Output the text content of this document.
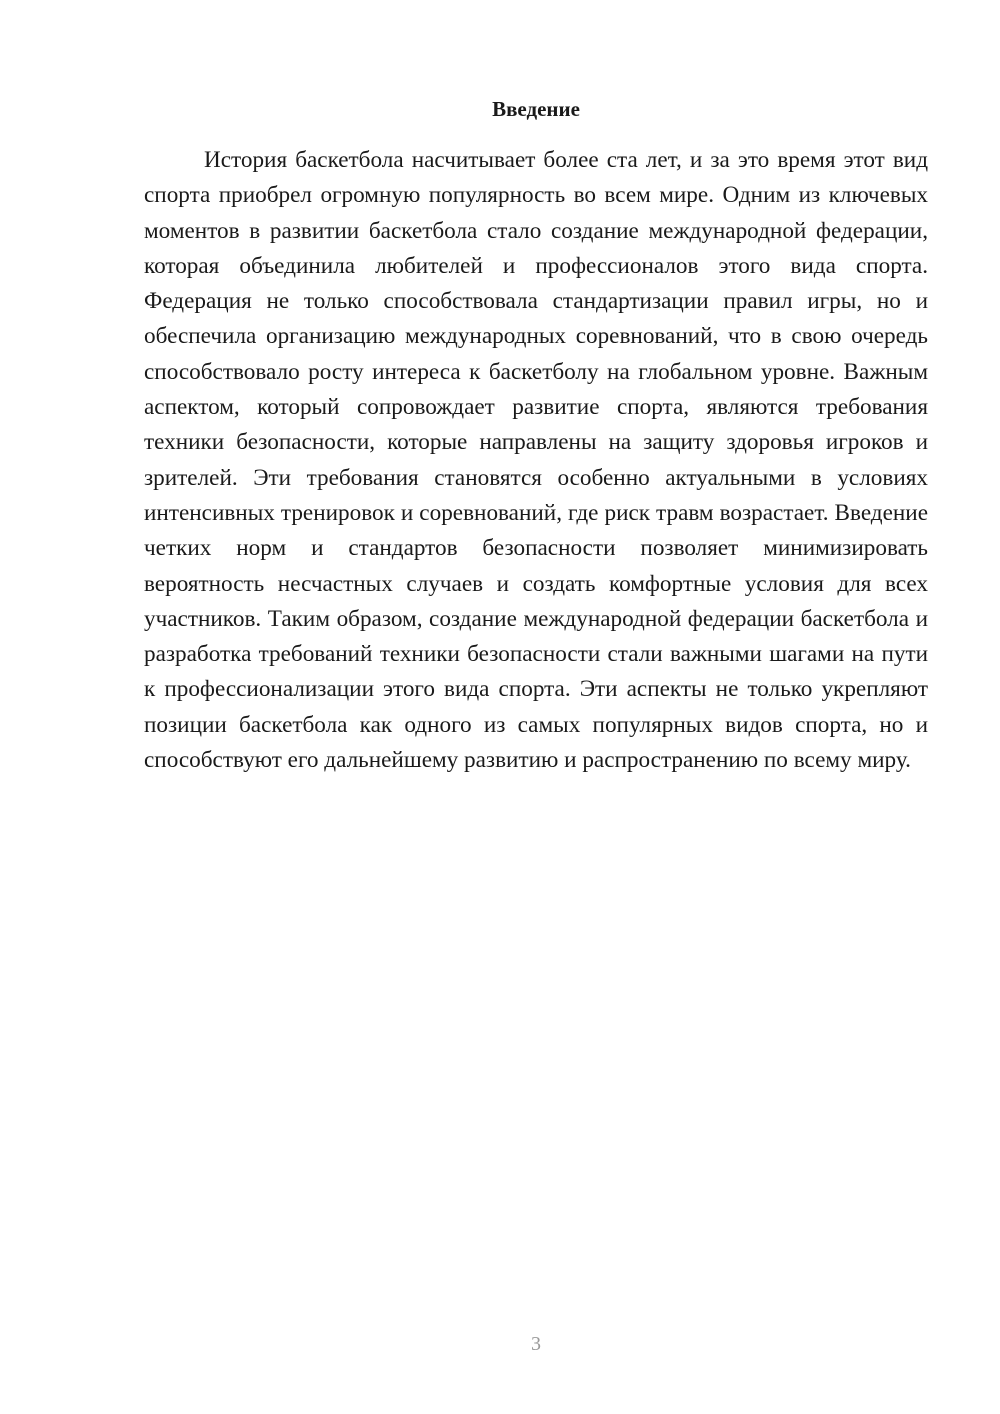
Введение

История баскетбола насчитывает более ста лет, и за это время этот вид спорта приобрел огромную популярность во всем мире. Одним из ключевых моментов в развитии баскетбола стало создание международной федерации, которая объединила любителей и профессионалов этого вида спорта. Федерация не только способствовала стандартизации правил игры, но и обеспечила организацию международных соревнований, что в свою очередь способствовало росту интереса к баскетболу на глобальном уровне. Важным аспектом, который сопровождает развитие спорта, являются требования техники безопасности, которые направлены на защиту здоровья игроков и зрителей. Эти требования становятся особенно актуальными в условиях интенсивных тренировок и соревнований, где риск травм возрастает. Введение четких норм и стандартов безопасности позволяет минимизировать вероятность несчастных случаев и создать комфортные условия для всех участников. Таким образом, создание международной федерации баскетбола и разработка требований техники безопасности стали важными шагами на пути к профессионализации этого вида спорта. Эти аспекты не только укрепляют позиции баскетбола как одного из самых популярных видов спорта, но и способствуют его дальнейшему развитию и распространению по всему миру.

3
